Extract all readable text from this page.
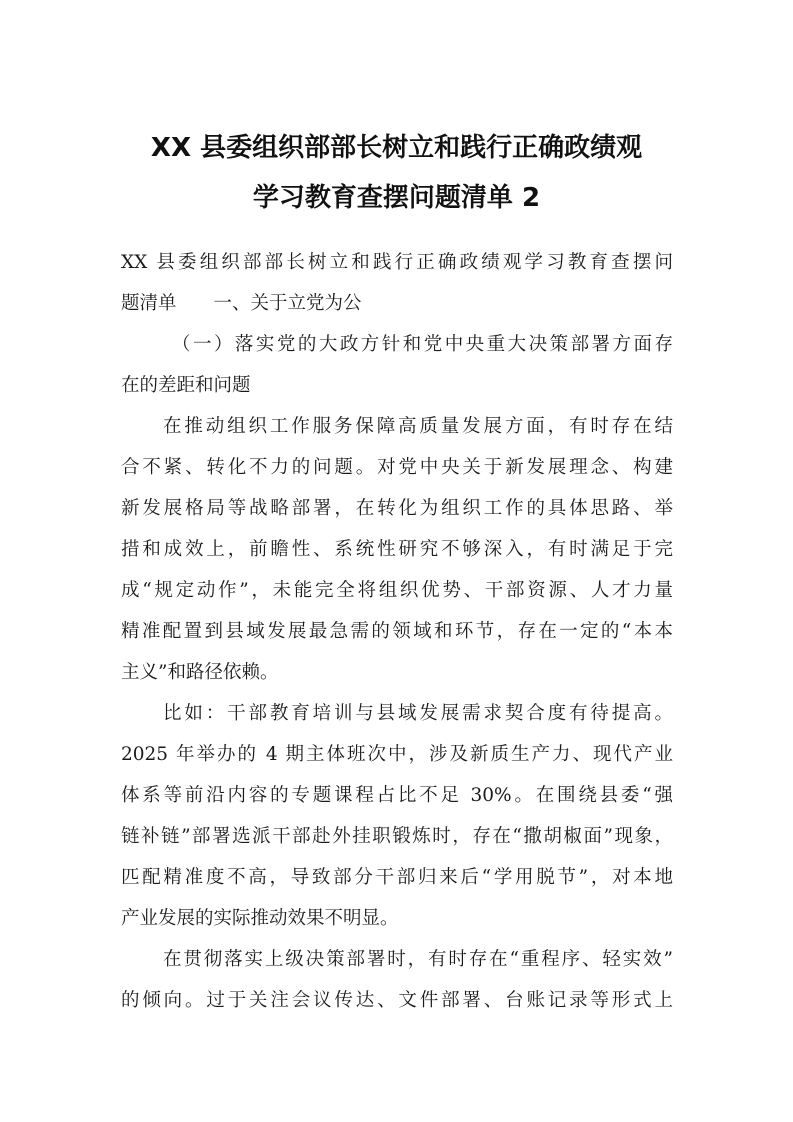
XX 县委组织部部长树立和践行正确政绩观
学习教育查摆问题清单 2
XX 县委组织部部长树立和践行正确政绩观学习教育查摆问
题清单　　一、关于立党为公
（一）落实党的大政方针和党中央重大决策部署方面存
在的差距和问题
在推动组织工作服务保障高质量发展方面，有时存在结
合不紧、转化不力的问题。对党中央关于新发展理念、构建
新发展格局等战略部署，在转化为组织工作的具体思路、举
措和成效上，前瞻性、系统性研究不够深入，有时满足于完
成“规定动作”，未能完全将组织优势、干部资源、人才力量
精准配置到县域发展最急需的领域和环节，存在一定的“本本
主义”和路径依赖。
比如：干部教育培训与县域发展需求契合度有待提高。
2025 年举办的 4 期主体班次中，涉及新质生产力、现代产业
体系等前沿内容的专题课程占比不足 30%。在围绕县委“强
链补链”部署选派干部赴外挂职锻炼时，存在“撒胡椒面”现象，
匹配精准度不高，导致部分干部归来后“学用脱节”，对本地
产业发展的实际推动效果不明显。
在贯彻落实上级决策部署时，有时存在“重程序、轻实效”
的倾向。过于关注会议传达、文件部署、台账记录等形式上
